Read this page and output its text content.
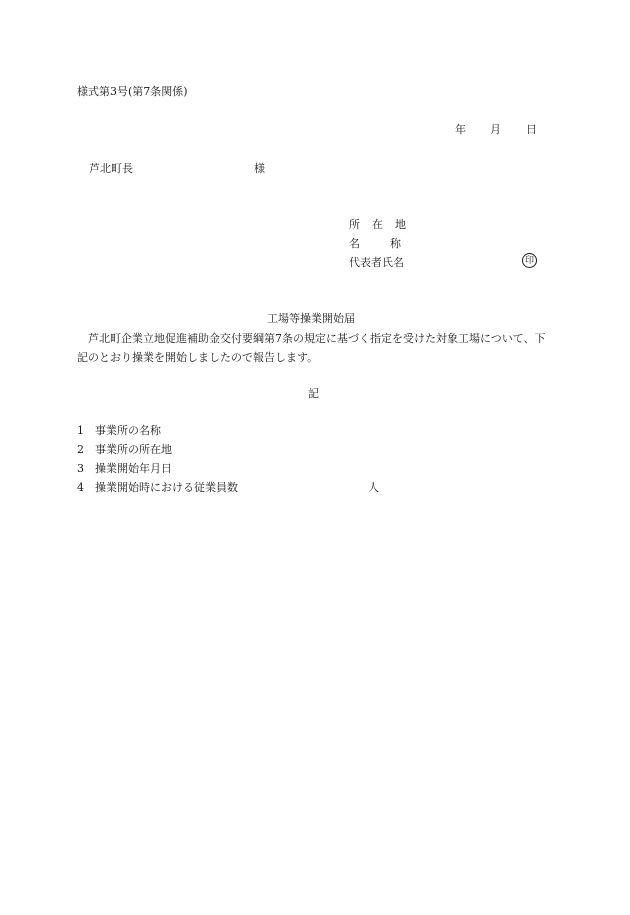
様式第3号(第7条関係)
年 月 日
芦北町長	様
所在地
名称
代表者氏名	印
工場等操業開始届
芦北町企業立地促進補助金交付要綱第7条の規定に基づく指定を受けた対象工場について、下記のとおり操業を開始しましたので報告します。
記
1 事業所の名称
2 事業所の所在地
3 操業開始年月日
4 操業開始時における従業員数	人
